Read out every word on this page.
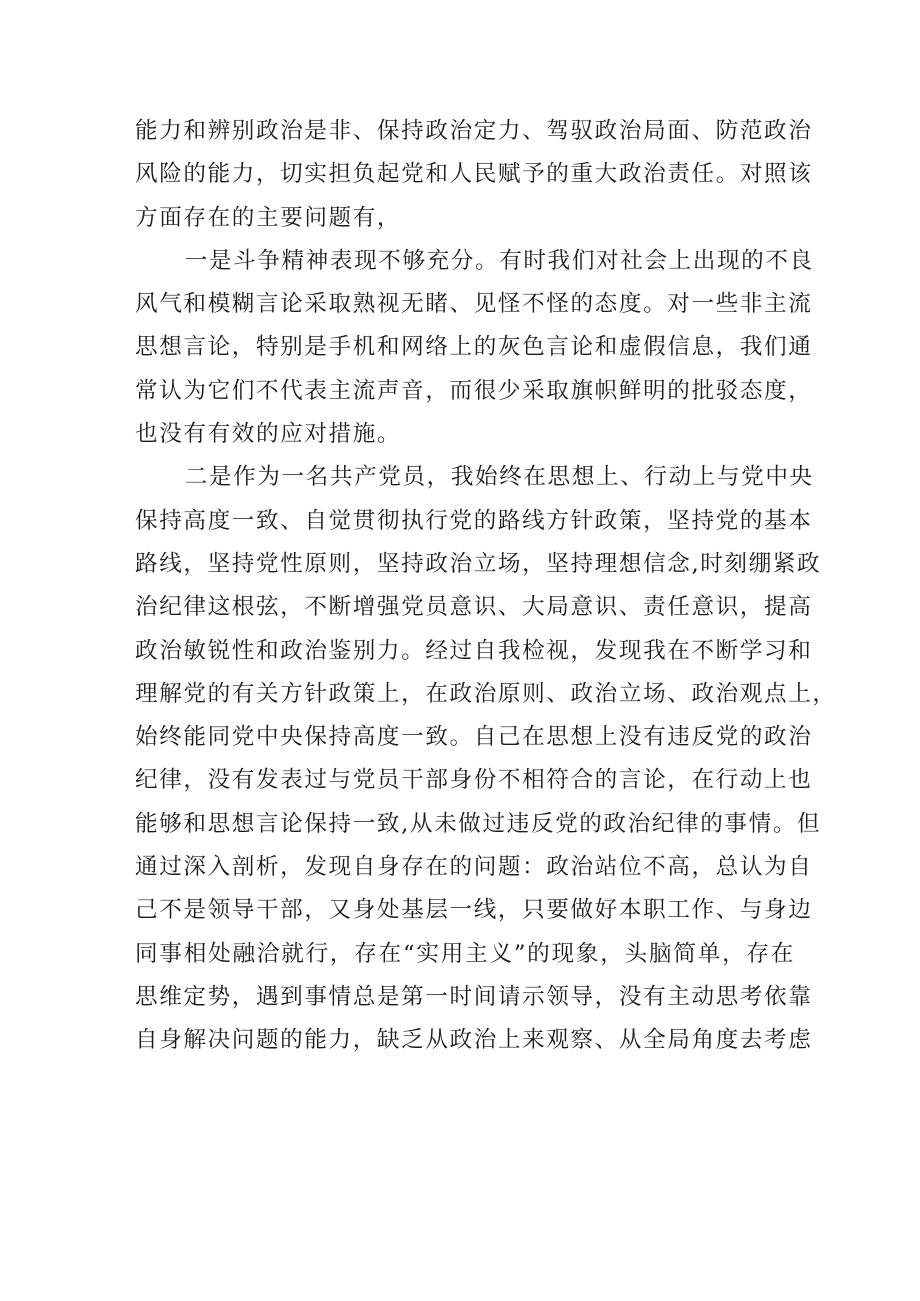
能力和辨别政治是非、保持政治定力、驾驭政治局面、防范政治
风险的能力，切实担负起党和人民赋予的重大政治责任。对照该
方面存在的主要问题有，
一是斗争精神表现不够充分。有时我们对社会上出现的不良
风气和模糊言论采取熟视无睹、见怪不怪的态度。对一些非主流
思想言论，特别是手机和网络上的灰色言论和虚假信息，我们通
常认为它们不代表主流声音，而很少采取旗帜鲜明的批驳态度，
也没有有效的应对措施。
二是作为一名共产党员，我始终在思想上、行动上与党中央
保持高度一致、自觉贯彻执行党的路线方针政策，坚持党的基本
路线，坚持党性原则，坚持政治立场，坚持理想信念,时刻绷紧政
治纪律这根弦，不断增强党员意识、大局意识、责任意识，提高
政治敏锐性和政治鉴别力。经过自我检视，发现我在不断学习和
理解党的有关方针政策上，在政治原则、政治立场、政治观点上，
始终能同党中央保持高度一致。自己在思想上没有违反党的政治
纪律，没有发表过与党员干部身份不相符合的言论，在行动上也
能够和思想言论保持一致,从未做过违反党的政治纪律的事情。但
通过深入剖析，发现自身存在的问题：政治站位不高，总认为自
己不是领导干部，又身处基层一线，只要做好本职工作、与身边
同事相处融洽就行，存在“实用主义”的现象，头脑简单，存在
思维定势，遇到事情总是第一时间请示领导，没有主动思考依靠
自身解决问题的能力，缺乏从政治上来观察、从全局角度去考虑
